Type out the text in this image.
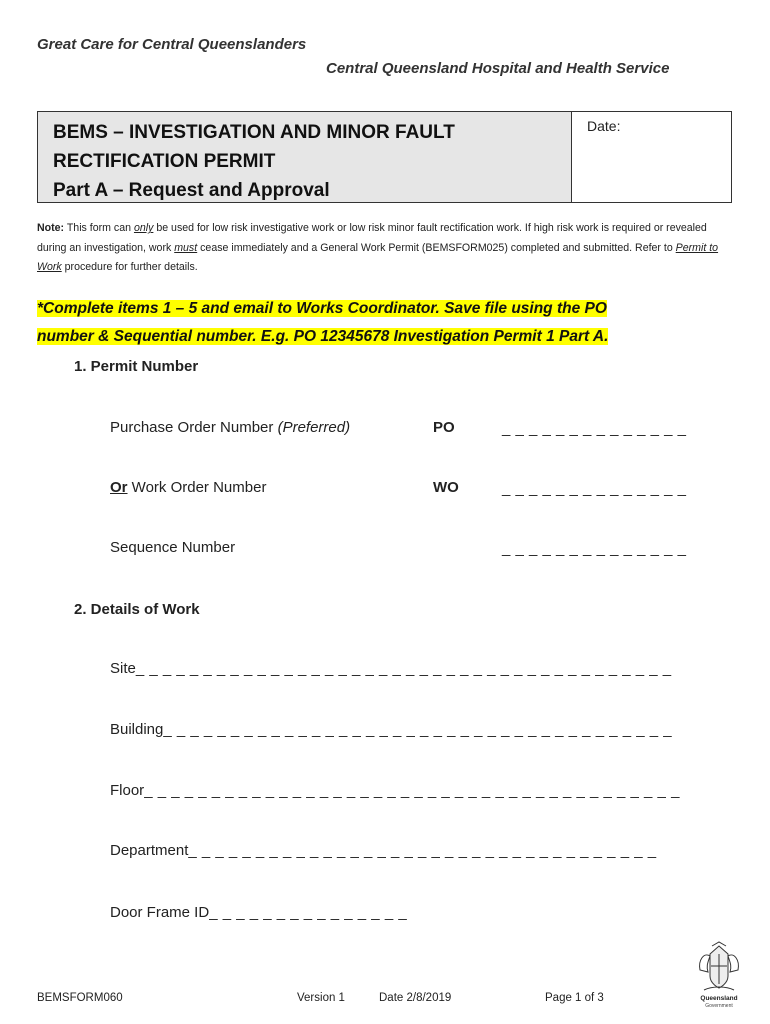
Great Care for Central Queenslanders
Central Queensland Hospital and Health Service
BEMS – INVESTIGATION AND MINOR FAULT
RECTIFICATION PERMIT
Part A – Request and Approval
Date:
Note: This form can only be used for low risk investigative work or low risk minor fault rectification work. If high risk work is required or revealed during an investigation, work must cease immediately and a General Work Permit (BEMSFORM025) completed and submitted. Refer to Permit to Work procedure for further details.
*Complete items 1 – 5 and email to Works Coordinator. Save file using the PO
number & Sequential number. E.g. PO 12345678 Investigation Permit 1 Part A.
1. Permit Number
Purchase Order Number (Preferred)	PO	_ _ _ _ _ _ _ _ _ _ _ _ _ _
Or Work Order Number	WO	_ _ _ _ _ _ _ _ _ _ _ _ _ _
Sequence Number	_ _ _ _ _ _ _ _ _ _ _ _ _ _
2. Details of Work
Site_ _ _ _ _ _ _ _ _ _ _ _ _ _ _ _ _ _ _ _ _ _ _ _ _ _ _ _ _ _ _ _ _ _ _ _ _ _ _ _
Building_ _ _ _ _ _ _ _ _ _ _ _ _ _ _ _ _ _ _ _ _ _ _ _ _ _ _ _ _ _ _ _ _ _ _ _ _ _
Floor_ _ _ _ _ _ _ _ _ _ _ _ _ _ _ _ _ _ _ _ _ _ _ _ _ _ _ _ _ _ _ _ _ _ _ _ _ _ _ _
Department_ _ _ _ _ _ _ _ _ _ _ _ _ _ _ _ _ _ _ _ _ _ _ _ _ _ _ _ _ _ _ _ _ _ _
Door Frame ID_ _ _ _ _ _ _ _ _ _ _ _ _ _ _
BEMSFORM060	Version 1	Date 2/8/2019	Page 1 of 3	Queensland
Government
